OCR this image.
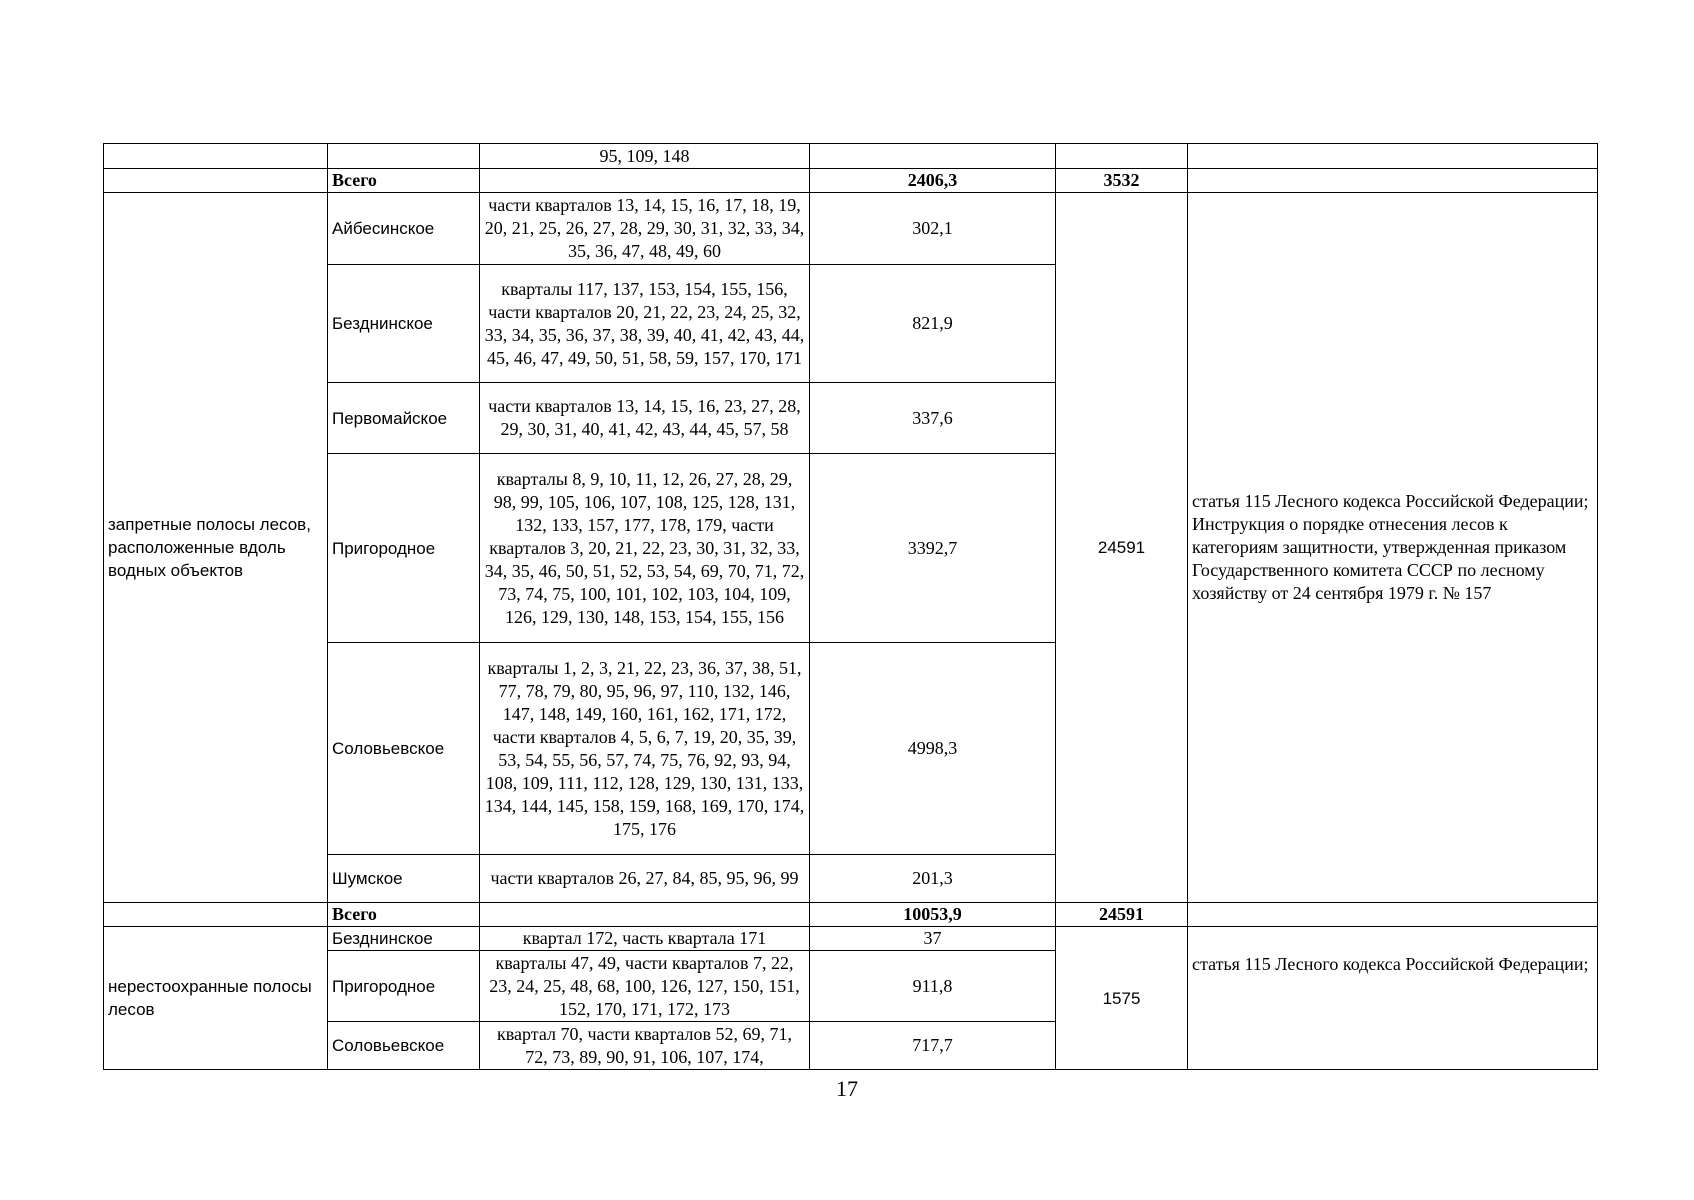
		95, 109, 148			
	Всего		2406,3	3532	
запретные полосы лесов, расположенные вдоль водных объектов	Айбесинское	части кварталов 13, 14, 15, 16, 17, 18, 19, 20, 21, 25, 26, 27, 28, 29, 30, 31, 32, 33, 34, 35, 36, 47, 48, 49, 60	302,1	24591	статья 115 Лесного кодекса Российской Федерации;
Инструкция о порядке отнесения лесов к категориям защитности, утвержденная приказом Государственного комитета СССР по лесному хозяйству от 24 сентября 1979 г. № 157
	Безднинское	кварталы 117, 137, 153, 154, 155, 156, части кварталов 20, 21, 22, 23, 24, 25, 32, 33, 34, 35, 36, 37, 38, 39, 40, 41, 42, 43, 44, 45, 46, 47, 49, 50, 51, 58, 59, 157, 170, 171	821,9		
	Первомайское	части кварталов 13, 14, 15, 16, 23, 27, 28, 29, 30, 31, 40, 41, 42, 43, 44, 45, 57, 58	337,6		
	Пригородное	кварталы 8, 9, 10, 11, 12, 26, 27, 28, 29, 98, 99, 105, 106, 107, 108, 125, 128, 131, 132, 133, 157, 177, 178, 179, части кварталов 3, 20, 21, 22, 23, 30, 31, 32, 33, 34, 35, 46, 50, 51, 52, 53, 54, 69, 70, 71, 72, 73, 74, 75, 100, 101, 102, 103, 104, 109, 126, 129, 130, 148, 153, 154, 155, 156	3392,7		
	Соловьевское	кварталы 1, 2, 3, 21, 22, 23, 36, 37, 38, 51, 77, 78, 79, 80, 95, 96, 97, 110, 132, 146, 147, 148, 149, 160, 161, 162, 171, 172, части кварталов 4, 5, 6, 7, 19, 20, 35, 39, 53, 54, 55, 56, 57, 74, 75, 76, 92, 93, 94, 108, 109, 111, 112, 128, 129, 130, 131, 133, 134, 144, 145, 158, 159, 168, 169, 170, 174, 175, 176	4998,3		
	Шумское	части кварталов 26, 27, 84, 85, 95, 96, 99	201,3		
	Всего		10053,9	24591	
нерестоохранные полосы лесов	Безднинское	квартал 172, часть квартала 171	37	1575	статья 115 Лесного кодекса Российской Федерации;
	Пригородное	кварталы 47, 49, части кварталов 7, 22, 23, 24, 25, 48, 68, 100, 126, 127, 150, 151, 152, 170, 171, 172, 173	911,8		
	Соловьевское	квартал 70, части кварталов 52, 69, 71, 72, 73, 89, 90, 91, 106, 107, 174,	717,7		
17
